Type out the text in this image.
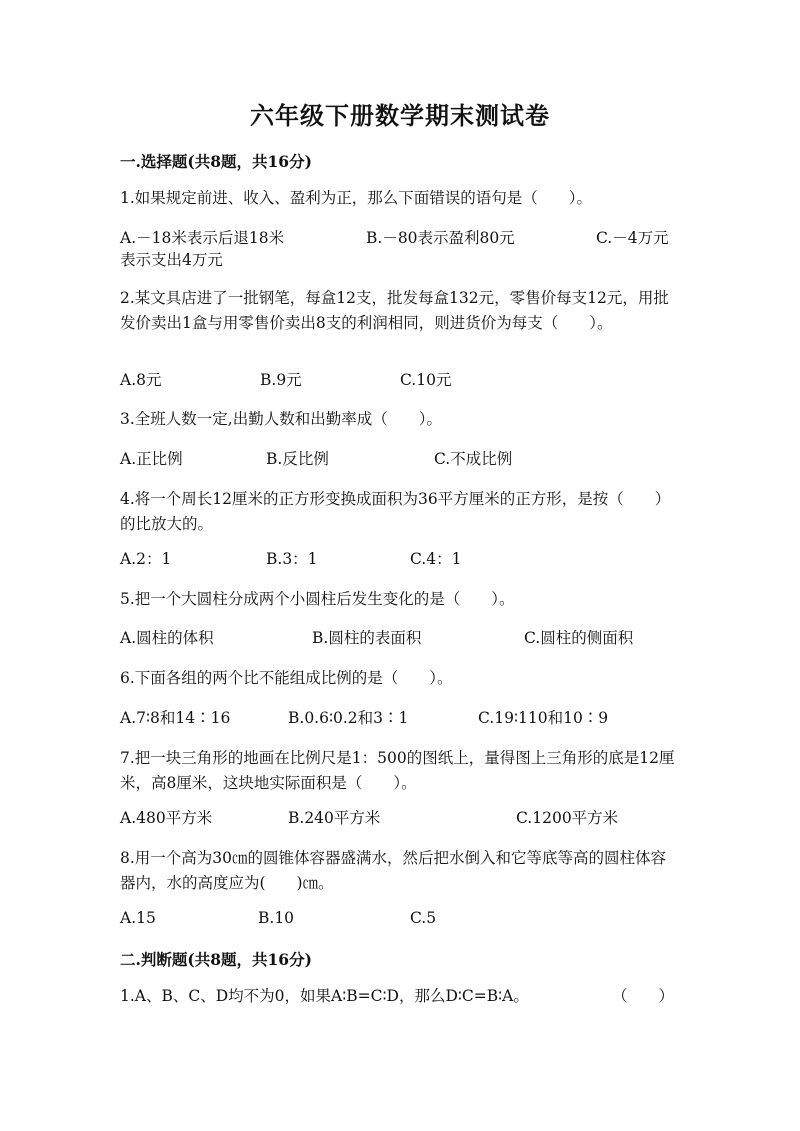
六年级下册数学期末测试卷
一.选择题(共8题，共16分)
1.如果规定前进、收入、盈利为正，那么下面错误的语句是（　　）。
A.－18米表示后退18米	B.－80表示盈利80元	C.－4万元
表示支出4万元
2.某文具店进了一批钢笔，每盒12支，批发每盒132元，零售价每支12元，用批发价卖出1盒与用零售价卖出8支的利润相同，则进货价为每支（　　）。
A.8元	B.9元	C.10元
3.全班人数一定,出勤人数和出勤率成（　　）。
A.正比例	B.反比例	C.不成比例
4.将一个周长12厘米的正方形变换成面积为36平方厘米的正方形，是按（　　）的比放大的。
A.2：1	B.3：1	C.4：1
5.把一个大圆柱分成两个小圆柱后发生变化的是（　　）。
A.圆柱的体积	B.圆柱的表面积	C.圆柱的侧面积
6.下面各组的两个比不能组成比例的是（　　）。
A.7∶8和14∶16	B.0.6∶0.2和3∶1	C.19∶110和10∶9
7.把一块三角形的地画在比例尺是1：500的图纸上，量得图上三角形的底是12厘米，高8厘米，这块地实际面积是（　　）。
A.480平方米	B.240平方米	C.1200平方米
8.用一个高为30㎝的圆锥体容器盛满水，然后把水倒入和它等底等高的圆柱体容器内，水的高度应为(　　)㎝。
A.15	B.10	C.5
二.判断题(共8题，共16分)
1.A、B、C、D均不为0，如果A∶B=C∶D，那么D∶C=B∶A。	（　　）
